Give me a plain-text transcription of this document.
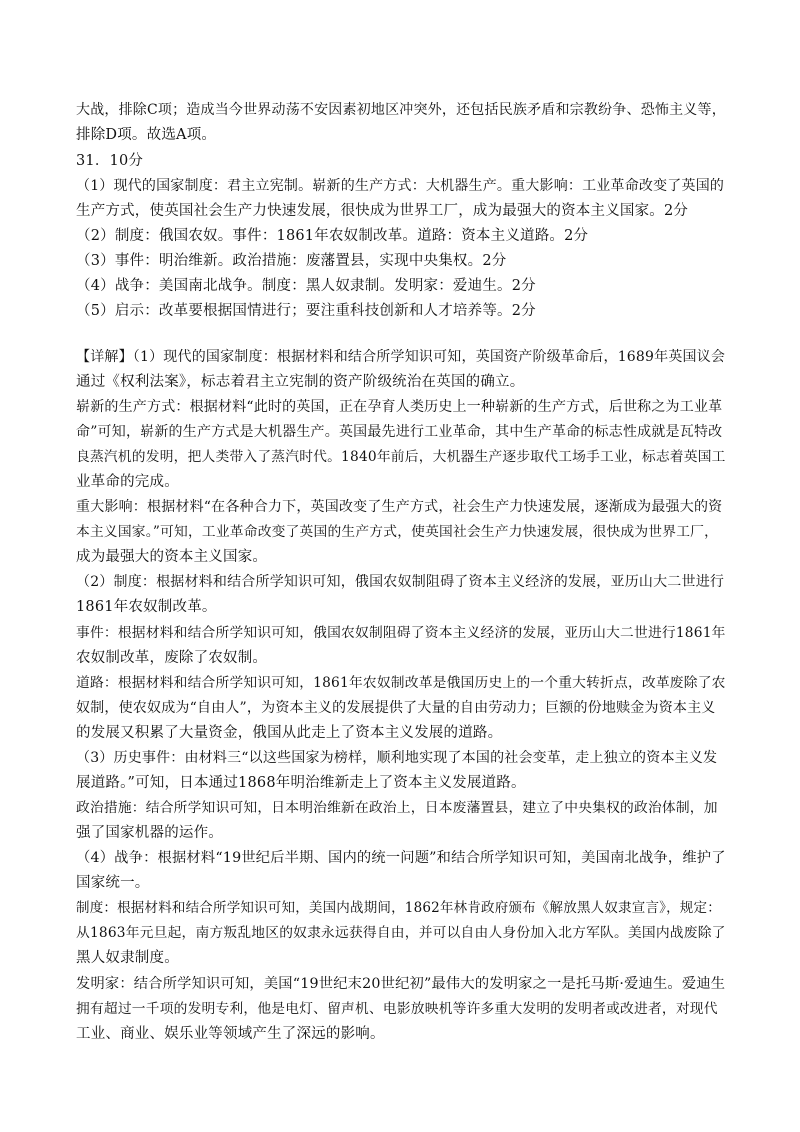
大战，排除C项；造成当今世界动荡不安因素初地区冲突外，还包括民族矛盾和宗教纷争、恐怖主义等，

排除D项。故选A项。

31．10分

（1）现代的国家制度：君主立宪制。崭新的生产方式：大机器生产。重大影响：工业革命改变了英国的

生产方式，使英国社会生产力快速发展，很快成为世界工厂，成为最强大的资本主义国家。2分

（2）制度：俄国农奴。事件：1861年农奴制改革。道路：资本主义道路。2分

（3）事件：明治维新。政治措施：废藩置县，实现中央集权。2分

（4）战争：美国南北战争。制度：黑人奴隶制。发明家：爱迪生。2分

（5）启示：改革要根据国情进行；要注重科技创新和人才培养等。2分

【详解】（1）现代的国家制度：根据材料和结合所学知识可知，英国资产阶级革命后，1689年英国议会

通过《权利法案》，标志着君主立宪制的资产阶级统治在英国的确立。

崭新的生产方式：根据材料“此时的英国，正在孕育人类历史上一种崭新的生产方式，后世称之为工业革

命”可知，崭新的生产方式是大机器生产。英国最先进行工业革命，其中生产革命的标志性成就是瓦特改

良蒸汽机的发明，把人类带入了蒸汽时代。1840年前后，大机器生产逐步取代工场手工业，标志着英国工

业革命的完成。

重大影响：根据材料“在各种合力下，英国改变了生产方式，社会生产力快速发展，逐渐成为最强大的资

本主义国家。”可知，工业革命改变了英国的生产方式，使英国社会生产力快速发展，很快成为世界工厂，

成为最强大的资本主义国家。

（2）制度：根据材料和结合所学知识可知，俄国农奴制阻碍了资本主义经济的发展，亚历山大二世进行

1861年农奴制改革。

事件：根据材料和结合所学知识可知，俄国农奴制阻碍了资本主义经济的发展，亚历山大二世进行1861年

农奴制改革，废除了农奴制。

道路：根据材料和结合所学知识可知，1861年农奴制改革是俄国历史上的一个重大转折点，改革废除了农

奴制，使农奴成为“自由人”，为资本主义的发展提供了大量的自由劳动力；巨额的份地赎金为资本主义

的发展又积累了大量资金，俄国从此走上了资本主义发展的道路。

（3）历史事件：由材料三“以这些国家为榜样，顺利地实现了本国的社会变革，走上独立的资本主义发

展道路。”可知，日本通过1868年明治维新走上了资本主义发展道路。

政治措施：结合所学知识可知，日本明治维新在政治上，日本废藩置县，建立了中央集权的政治体制，加

强了国家机器的运作。

（4）战争：根据材料“19世纪后半期、国内的统一问题”和结合所学知识可知，美国南北战争，维护了

国家统一。

制度：根据材料和结合所学知识可知，美国内战期间，1862年林肯政府颁布《解放黑人奴隶宣言》，规定：

从1863年元旦起，南方叛乱地区的奴隶永远获得自由，并可以自由人身份加入北方军队。美国内战废除了

黑人奴隶制度。

发明家：结合所学知识可知，美国“19世纪末20世纪初”最伟大的发明家之一是托马斯·爱迪生。爱迪生

拥有超过一千项的发明专利，他是电灯、留声机、电影放映机等许多重大发明的发明者或改进者，对现代

工业、商业、娱乐业等领域产生了深远的影响。
